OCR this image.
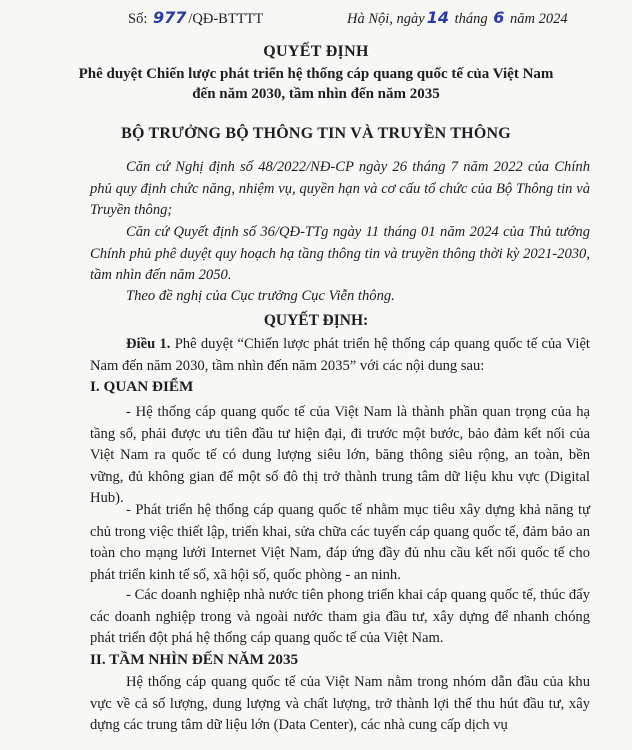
Số: 977 /QĐ-BTTTT	Hà Nội, ngày 14 tháng 6 năm 2024
QUYẾT ĐỊNH
Phê duyệt Chiến lược phát triển hệ thống cáp quang quốc tế của Việt Nam đến năm 2030, tầm nhìn đến năm 2035
BỘ TRƯỞNG BỘ THÔNG TIN VÀ TRUYỀN THÔNG
Căn cứ Nghị định số 48/2022/NĐ-CP ngày 26 tháng 7 năm 2022 của Chính phủ quy định chức năng, nhiệm vụ, quyền hạn và cơ cấu tổ chức của Bộ Thông tin và Truyền thông;
Căn cứ Quyết định số 36/QĐ-TTg ngày 11 tháng 01 năm 2024 của Thủ tướng Chính phủ phê duyệt quy hoạch hạ tầng thông tin và truyền thông thời kỳ 2021-2030, tầm nhìn đến năm 2050.
Theo đề nghị của Cục trưởng Cục Viễn thông.
QUYẾT ĐỊNH:
Điều 1. Phê duyệt “Chiến lược phát triển hệ thống cáp quang quốc tế của Việt Nam đến năm 2030, tầm nhìn đến năm 2035” với các nội dung sau:
I. QUAN ĐIỂM
- Hệ thống cáp quang quốc tế của Việt Nam là thành phần quan trọng của hạ tầng số, phải được ưu tiên đầu tư hiện đại, đi trước một bước, bảo đảm kết nối của Việt Nam ra quốc tế có dung lượng siêu lớn, băng thông siêu rộng, an toàn, bền vững, đủ không gian để một số đô thị trở thành trung tâm dữ liệu khu vực (Digital Hub).
- Phát triển hệ thống cáp quang quốc tế nhằm mục tiêu xây dựng khả năng tự chủ trong việc thiết lập, triển khai, sửa chữa các tuyến cáp quang quốc tế, đảm bảo an toàn cho mạng lưới Internet Việt Nam, đáp ứng đầy đủ nhu cầu kết nối quốc tế cho phát triển kinh tế số, xã hội số, quốc phòng - an ninh.
- Các doanh nghiệp nhà nước tiên phong triển khai cáp quang quốc tế, thúc đẩy các doanh nghiệp trong và ngoài nước tham gia đầu tư, xây dựng để nhanh chóng phát triển đột phá hệ thống cáp quang quốc tế của Việt Nam.
II. TẦM NHÌN ĐẾN NĂM 2035
Hệ thống cáp quang quốc tế của Việt Nam nằm trong nhóm dẫn đầu của khu vực về cả số lượng, dung lượng và chất lượng, trở thành lợi thế thu hút đầu tư, xây dựng các trung tâm dữ liệu lớn (Data Center), các nhà cung cấp dịch vụ
